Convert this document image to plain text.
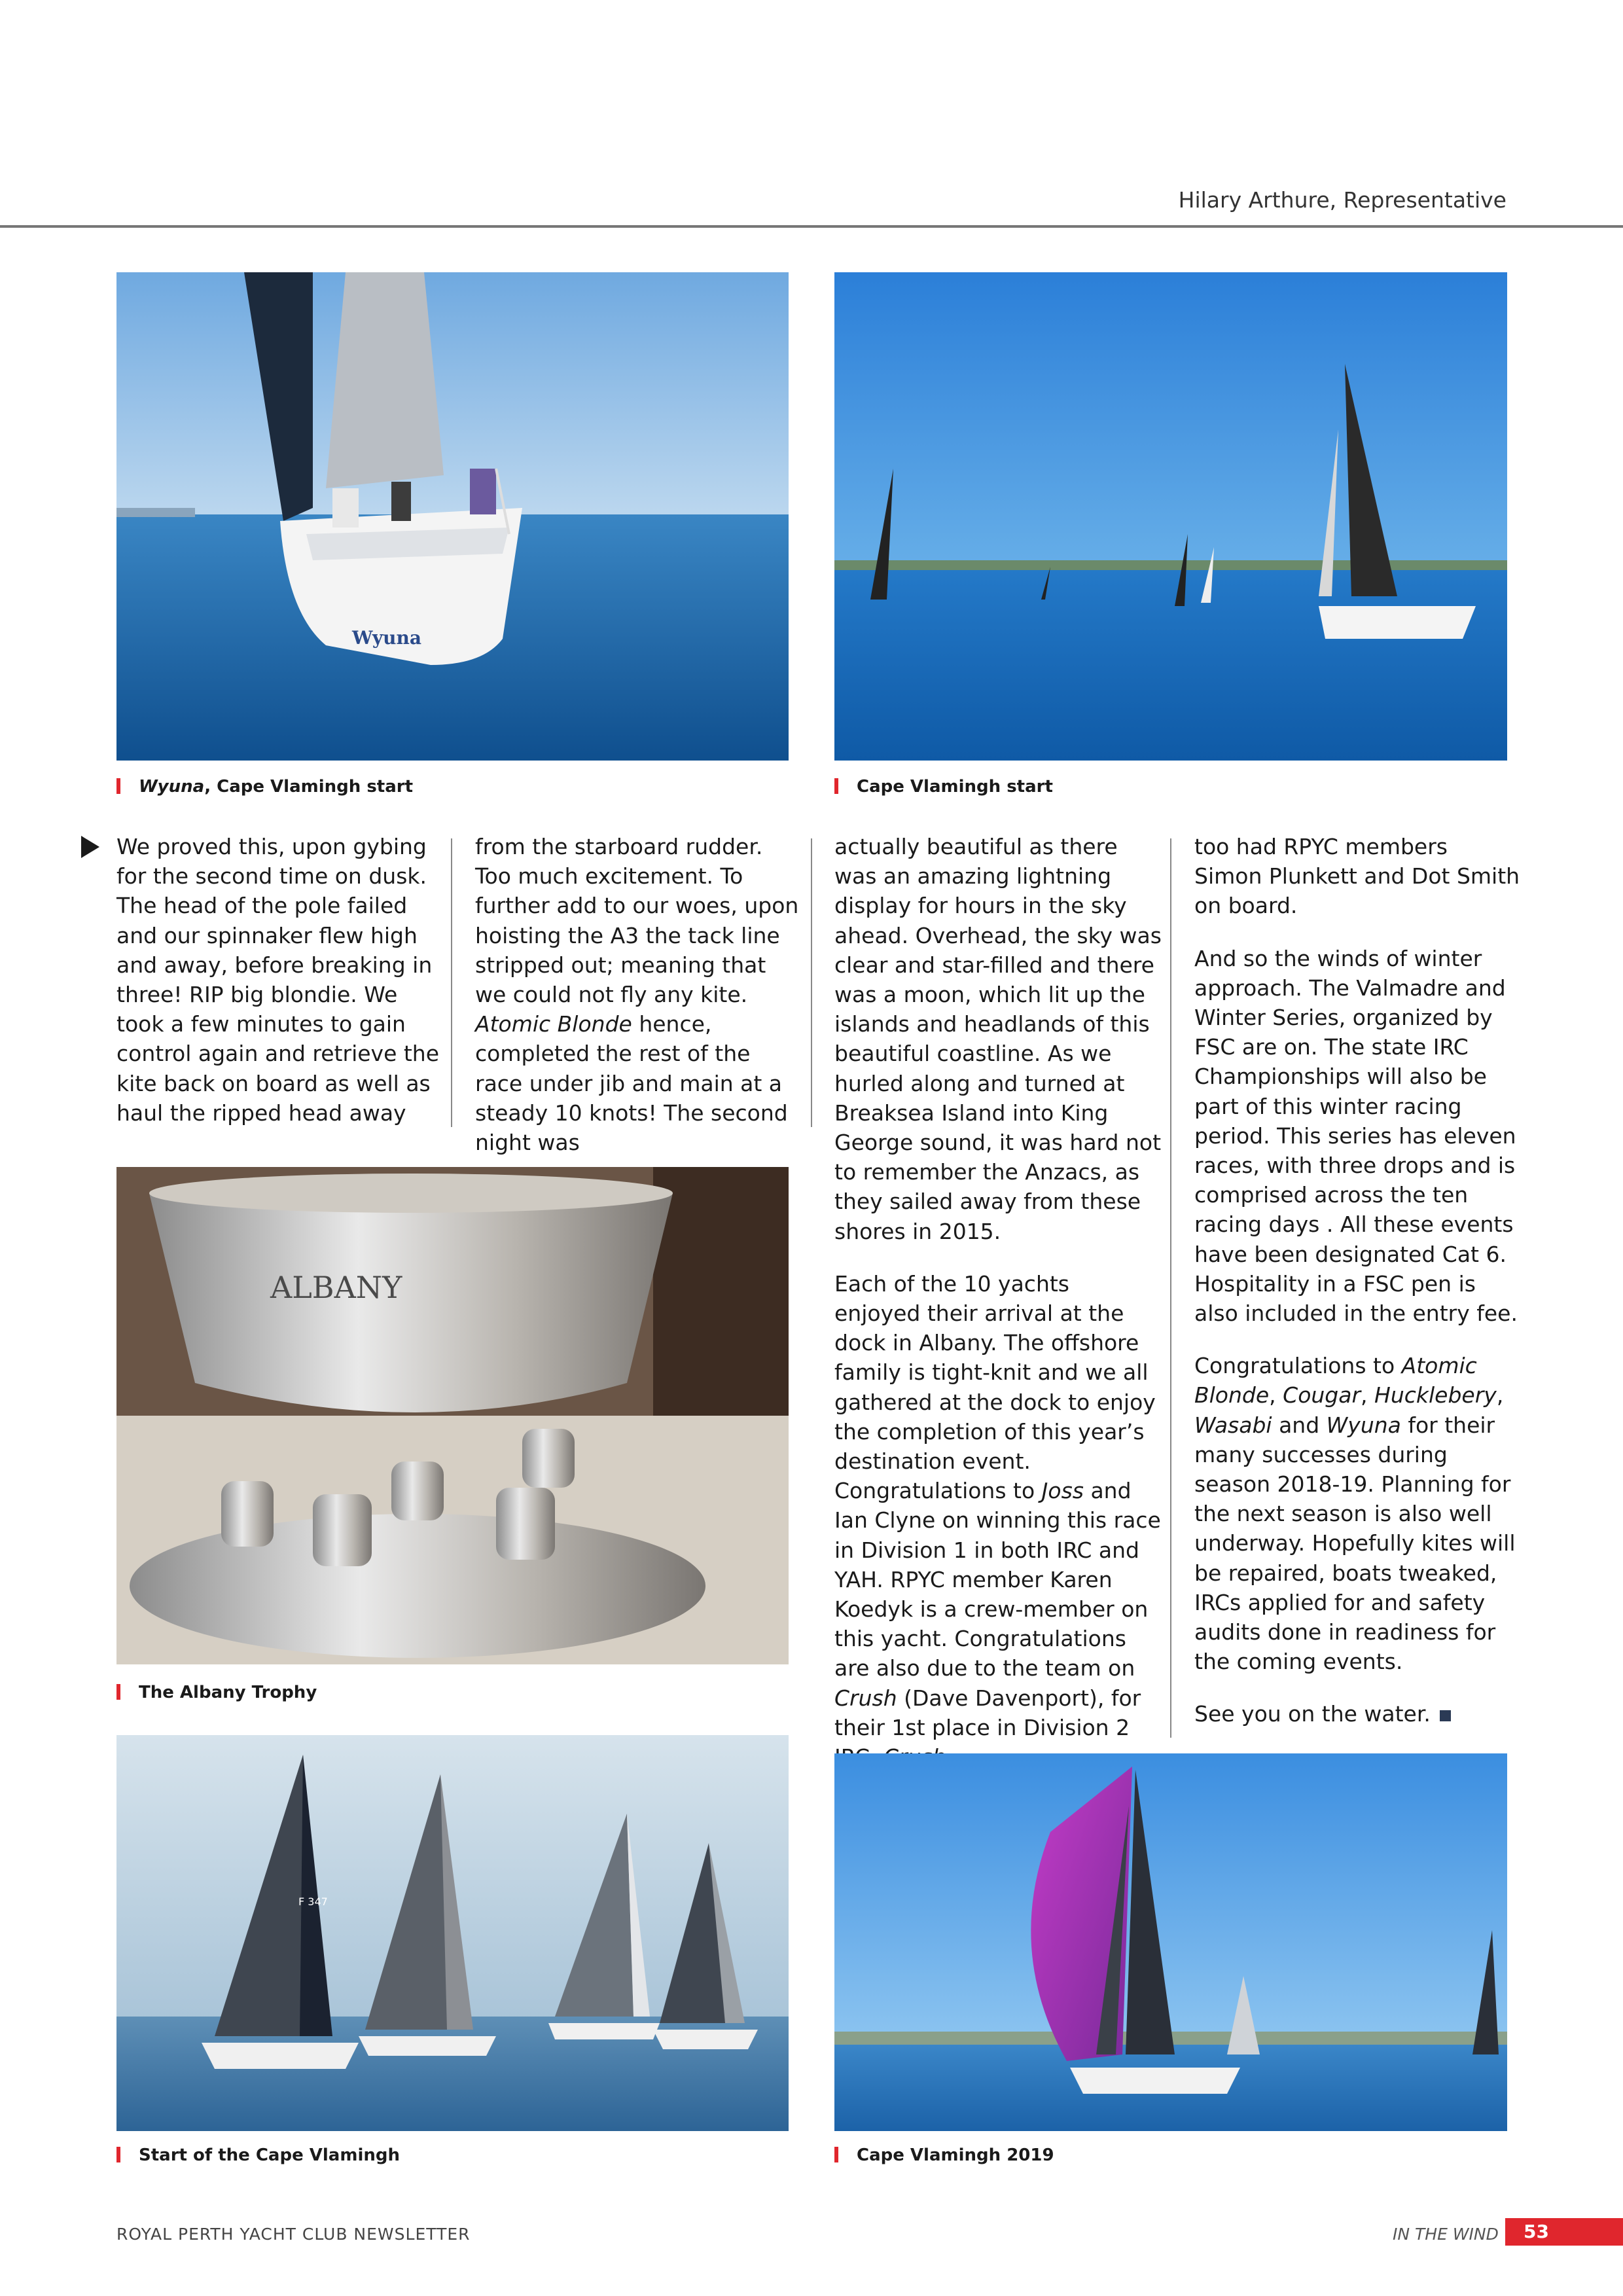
Hilary Arthure, Representative
Wyuna
Wyuna, Cape Vlamingh start	Cape Vlamingh start

We proved this, upon gybing for the second time on dusk. The head of the pole failed and our spinnaker flew high and away, before breaking in three! RIP big blondie. We took a few minutes to gain control again and retrieve the kite back on board as well as haul the ripped head away

from the starboard rudder. Too much excitement. To further add to our woes, upon hoisting the A3 the tack line stripped out; meaning that we could not fly any kite. Atomic Blonde hence, completed the rest of the race under jib and main at a steady 10 knots! The second night was

actually beautiful as there was an amazing lightning display for hours in the sky ahead. Overhead, the sky was clear and star-filled and there was a moon, which lit up the islands and headlands of this beautiful coastline. As we hurled along and turned at Breaksea Island into King George sound, it was hard not to remember the Anzacs, as they sailed away from these shores in 2015.

Each of the 10 yachts enjoyed their arrival at the dock in Albany. The offshore family is tight-knit and we all gathered at the dock to enjoy the completion of this year’s destination event. Congratulations to Joss and Ian Clyne on winning this race in Division 1 in both IRC and YAH. RPYC member Karen Koedyk is a crew-member on this yacht. Congratulations are also due to the team on Crush (Dave Davenport), for their 1st place in Division 2

too had RPYC members Simon Plunkett and Dot Smith on board.

And so the winds of winter approach. The Valmadre and Winter Series, organized by FSC are on. The state IRC Championships will also be part of this winter racing period. This series has eleven races, with three drops and is comprised across the ten racing days . All these events have been designated Cat 6. Hospitality in a FSC pen is also included in the entry fee.

Congratulations to Atomic Blonde, Cougar, Hucklebery, Wasabi and Wyuna for their many successes during season 2018-19. Planning for the next season is also well underway. Hopefully kites will be repaired, boats tweaked, IRCs applied for and safety audits done in readiness for the coming events.

See you on the water.

ALBANY
The Albany Trophy
F 347
Start of the Cape Vlamingh	Cape Vlamingh 2019
ROYAL PERTH YACHT CLUB NEWSLETTER	IN THE WIND	53
